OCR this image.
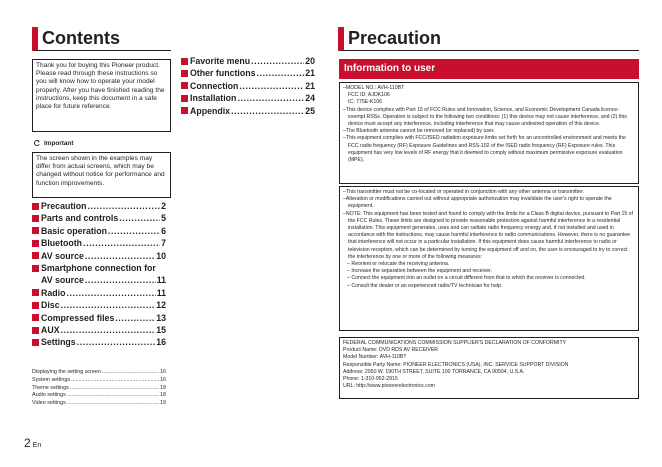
Contents

Thank you for buying this Pioneer product. Please read through these instructions so you will know how to operate your model properly. After you have finished reading the instructions, keep this document in a safe place for future reference.

Important

The screen shown in the examples may differ from actual screens, which may be changed without notice for performance and function improvements.

Precaution .....	2
Parts and controls .....	5
Basic operation .....	6
Bluetooth .....	7
AV source .....	10
Smartphone connection for
AV source .....	11
Radio .....	11
Disc .....	12
Compressed files .....	13
AUX .....	15
Settings .....	16
Displaying the setting screen .....	16
System settings .....	16
Theme settings .....	18
Audio settings .....	18
Video settings .....	19
Favorite menu .....	20
Other functions .....	21
Connection .....	21
Installation .....	24
Appendix .....	25
2 En
Precaution
Information to user

–MODEL NO.: AVH-110BT

FCC ID: AJDK106

IC: 775E-K106

–This device complies with Part 15 of FCC Rules and Innovation, Science, and Economic Development Canada licence-exempt RSSs. Operation is subject to the following two conditions: (1) this device may not cause interference, and (2) this device must accept any interference, including interference that may cause undesired operation of this device.

–The Bluetooth antenna cannot be removed (or replaced) by user.

–This equipment complies with FCC/ISED radiation exposure limits set forth for an uncontrolled environment and meets the FCC radio frequency (RF) Exposure Guidelines and RSS-102 of the ISED radio frequency (RF) Exposure rules. This equipment has very low levels of RF energy that it deemed to comply without maximum permissive exposure evaluation (MPE).

–This transmitter must not be co-located or operated in conjunction with any other antenna or transmitter.

–Alteration or modifications carried out without appropriate authorization may invalidate the user's right to operate the equipment.

–NOTE: This equipment has been tested and found to comply with the limits for a Class B digital device, pursuant to Part 15 of the FCC Rules. These limits are designed to provide reasonable protection against harmful interference in a residential installation. This equipment generates, uses and can radiate radio frequency energy and, if not installed and used in accordance with the instructions, may cause harmful interference to radio communications. However, there is no guarantee that interference will not occur in a particular installation. If this equipment does cause harmful interference to radio or television reception, which can be determined by turning the equipment off and on, the user is encouraged to try to correct the interference by one or more of the following measures:

– Reorient or relocate the receiving antenna.

– Increase the separation between the equipment and receiver.

– Connect the equipment into an outlet on a circuit different from that to which the receiver is connected.

– Consult the dealer or an experienced radio/TV technician for help.

FEDERAL COMMUNICATIONS COMMISSION SUPPLIER'S DECLARATION OF CONFORMITY

Product Name: DVD RDS AV RECEIVER

Model Number: AVH-110BT

Responsible Party Name: PIONEER ELECTRONICS (USA), INC. SERVICE SUPPORT DIVISION

Address: 2050 W. 190TH STREET, SUITE 100 TORRANCE, CA 90504, U.S.A.

Phone: 1-310-952-2915

URL: http://www.pioneerelectronics.com
